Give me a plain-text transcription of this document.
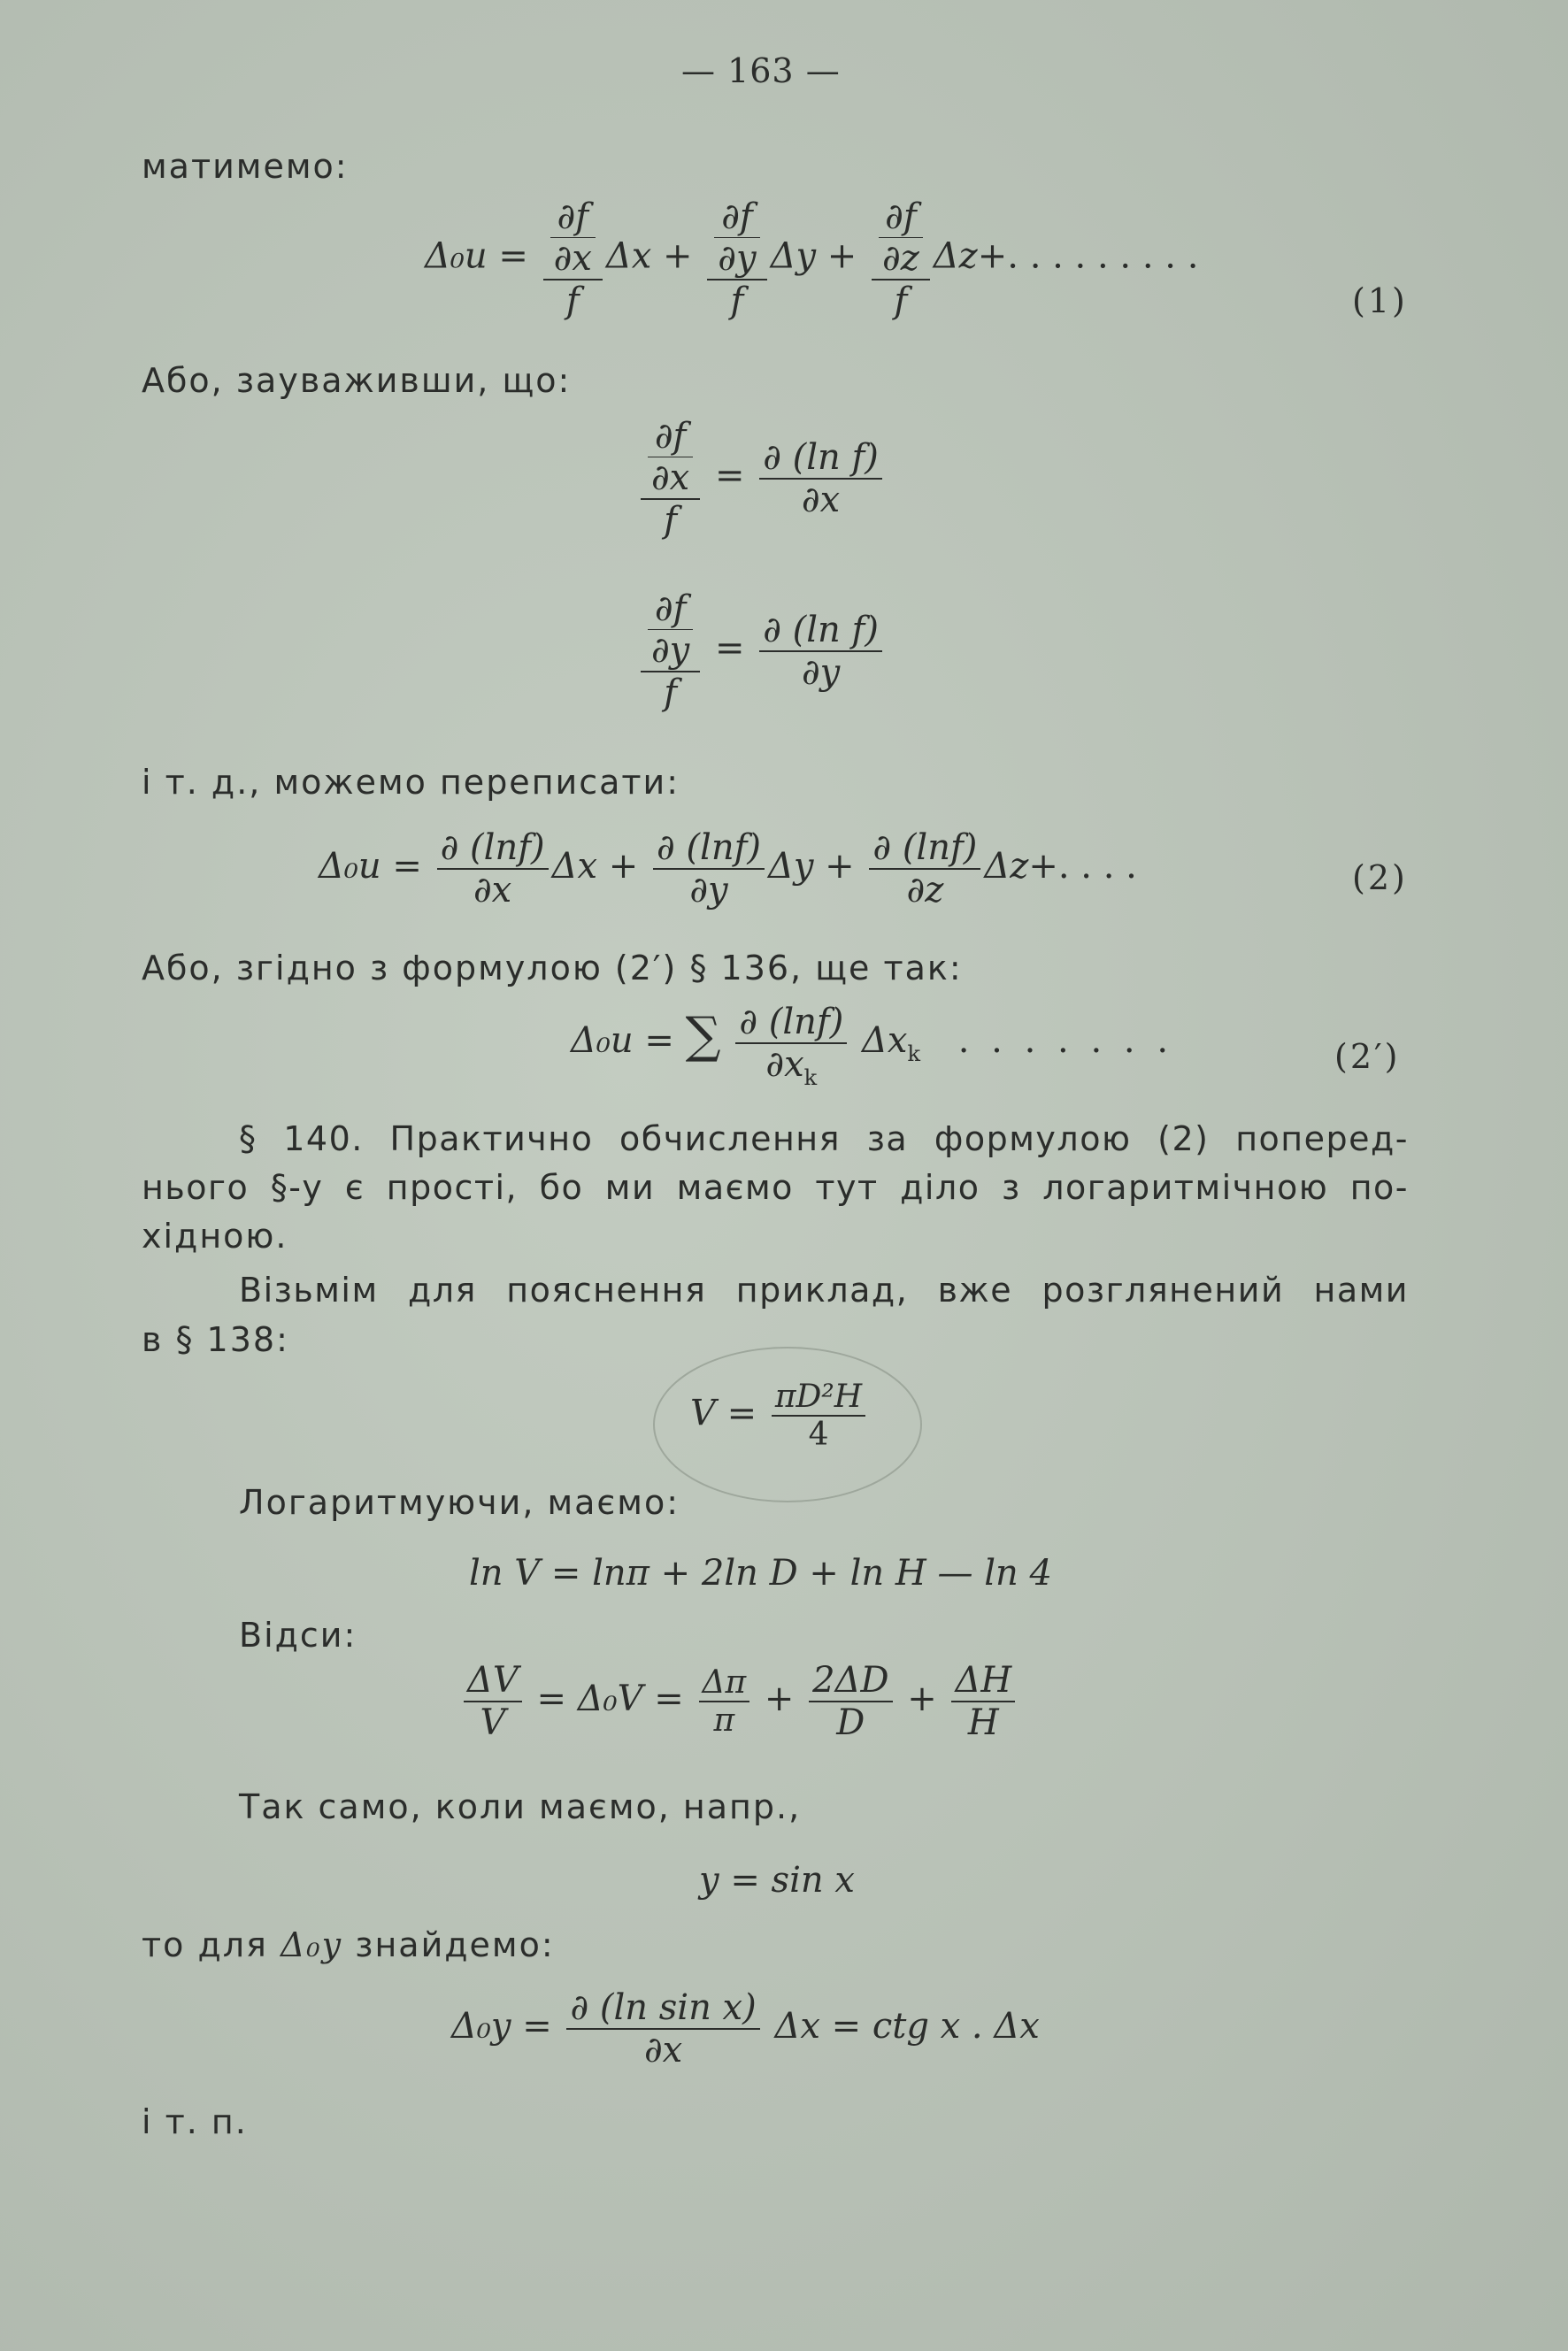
— 163 —
матимемо:
$\Delta_0u = \frac{\frac{\partial f}{\partial x}}{f}$ $\Delta x + \frac{\frac{\partial f}{\partial y}}{f}$ $\Delta y + \frac{\frac{\partial f}{\partial z}}{f} \Delta z+$. . . . . . . . .
(1)
Або, зауваживши, що:
$\frac{\frac{\partial f}{\partial x}}{f} = \frac{\text{∂ (ln f)}}{\partial x}$
$\frac{\frac{\partial f}{\partial y}}{f} = \frac{\text{∂ (ln f)}}{\partial y}$
і т. д., можемо переписати:
$\Delta_0u = \frac{\partial (\ln f)}{\partial x}$ $\Delta x + \frac{\partial (\ln f)}{\partial y}$ $\Delta y + \frac{\partial (\ln f)}{\partial z} \Delta z+$. . . .	(2)
Або, згідно з формулою (2′) § 136, ще так:
Δ₀u = ∑ $\frac{\partial (\ln f)}{\partial x_k} \Delta x_k$ . . . . . . .	(2′)
§ 140. Практично обчислення за формулою (2) поперед-
нього §-у є прості, бо ми маємо тут діло з логаритмічною по-
хідною.
Візьмім для пояснення приклад, вже розглянений нами
в § 138:
$V = \frac{\text{πD²H}}{4}$
Логаритмуючи, маємо:
ln V = lnπ + 2ln D + ln H — ln 4
Відси:
$\frac{\Delta V}{V} = \Delta_0V = \frac{\Delta\pi}{\pi} + \frac{2\Delta D}{D} + \frac{\Delta H}{H}$
Так само, коли маємо, напр.,
y = sin x
то для Δ₀y знайдемо:
$\Delta_0y = \frac{\text{∂ (ln sin x)}}{\partial x}$ Δx = ctg x . Δx
і т. п.
